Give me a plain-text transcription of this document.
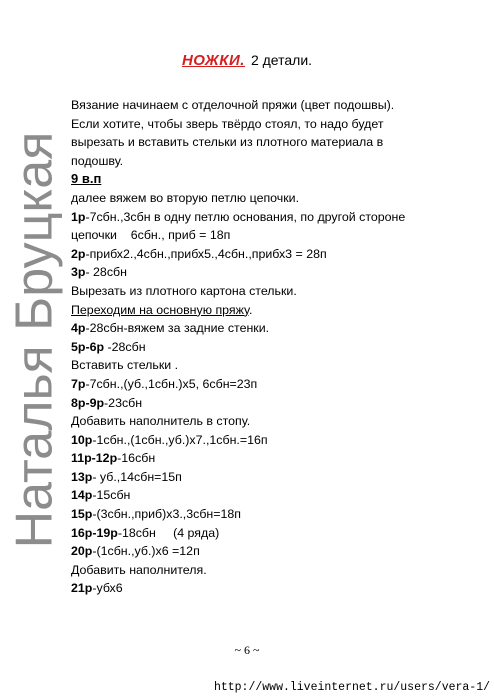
Наталья Бруцкая
НОЖКИ. 2 детали.

Вязание начинаем с отделочной пряжи (цвет подошвы).

Если хотите, чтобы зверь твёрдо стоял, то надо будет

вырезать и вставить стельки из плотного материала в

подошву.

9 в.п

далее вяжем во вторую петлю цепочки.

1р-7сбн.,3сбн в одну петлю основания, по другой стороне

цепочки    6сбн., приб = 18п

2р-прибх2.,4сбн.,прибх5.,4сбн.,прибх3 = 28п

3р- 28сбн

Вырезать из плотного картона стельки.

Переходим на основную пряжу.

4р-28сбн-вяжем за задние стенки.

5р-6р -28сбн

Вставить стельки .

7р-7сбн.,(уб.,1сбн.)х5, 6сбн=23п

8р-9р-23сбн

Добавить наполнитель в стопу.

10р-1сбн.,(1сбн.,уб.)х7.,1сбн.=16п

11р-12р-16сбн

13р- уб.,14сбн=15п

14р-15сбн

15р-(3сбн.,приб)х3.,3сбн=18п

16р-19р-18сбн     (4 ряда)

20р-(1сбн.,уб.)х6 =12п

Добавить наполнителя.

21р-убх6

~ 6 ~
http://www.liveinternet.ru/users/vera-1/
